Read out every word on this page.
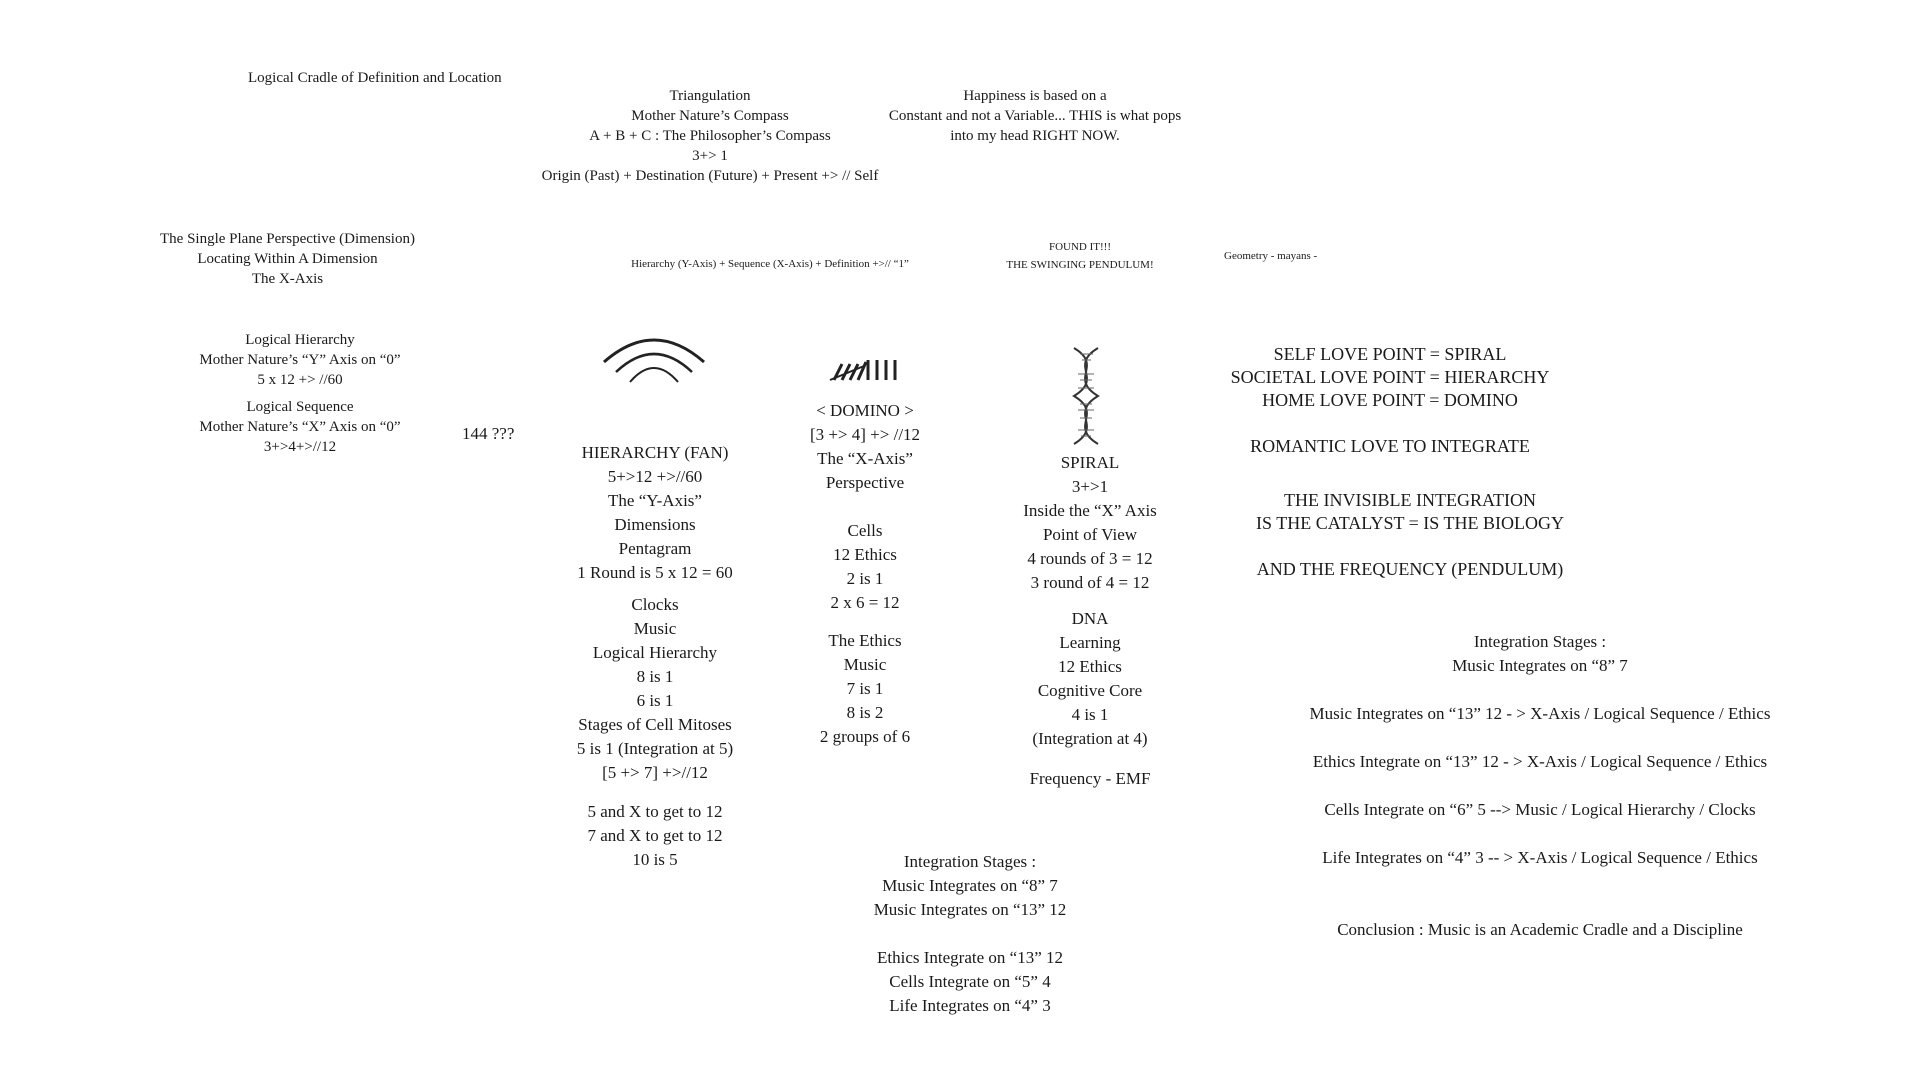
Logical Cradle of Definition and Location
Triangulation
Mother Nature’s Compass
A + B + C : The Philosopher’s Compass
3+> 1
Origin (Past) + Destination (Future) + Present +> // Self
Happiness is based on a
Constant and not a Variable... THIS is what pops
into my head RIGHT NOW.
The Single Plane Perspective (Dimension)
Locating Within A Dimension
The X-Axis
Hierarchy (Y-Axis) + Sequence (X-Axis) + Definition +>// “1”
FOUND IT!!!
THE SWINGING PENDULUM!
Geometry - mayans -
Logical Hierarchy
Mother Nature’s “Y” Axis on “0”
5 x 12 +> //60
Logical Sequence
Mother Nature’s “X” Axis on “0”
3+>4+>//12
144 ???
HIERARCHY (FAN)
5+>12 +>//60
The “Y-Axis”
Dimensions
Pentagram
1 Round is 5 x 12 = 60
Clocks
Music
Logical Hierarchy
8 is 1
6 is 1
Stages of Cell Mitoses
5 is 1 (Integration at 5)
[5 +> 7] +>//12
5 and X to get to 12
7 and X to get to 12
10 is 5
< DOMINO >
[3 +> 4] +> //12
The “X-Axis”
Perspective
Cells
12 Ethics
2 is 1
2 x 6 = 12
The Ethics
Music
7 is 1
8 is 2
2 groups of 6
SPIRAL
3+>1
Inside the “X” Axis
Point of View
4 rounds of 3 = 12
3 round of 4 = 12
DNA
Learning
12 Ethics
Cognitive Core
4 is 1
(Integration at 4)
Frequency - EMF
SELF LOVE POINT = SPIRAL
SOCIETAL LOVE POINT = HIERARCHY
HOME LOVE POINT = DOMINO
ROMANTIC LOVE TO INTEGRATE
THE INVISIBLE INTEGRATION
IS THE CATALYST = IS THE BIOLOGY
AND THE FREQUENCY (PENDULUM)
Integration Stages :
Music Integrates on “8” 7
Music Integrates on “13” 12 - > X-Axis / Logical Sequence / Ethics
Ethics Integrate on “13” 12 - > X-Axis / Logical Sequence / Ethics
Cells Integrate on “6” 5 --> Music / Logical Hierarchy / Clocks
Life Integrates on “4” 3 -- > X-Axis / Logical Sequence / Ethics
Conclusion : Music is an Academic Cradle and a Discipline
Integration Stages :
Music Integrates on “8” 7
Music Integrates on “13” 12
Ethics Integrate on “13” 12
Cells Integrate on “5” 4
Life Integrates on “4” 3
